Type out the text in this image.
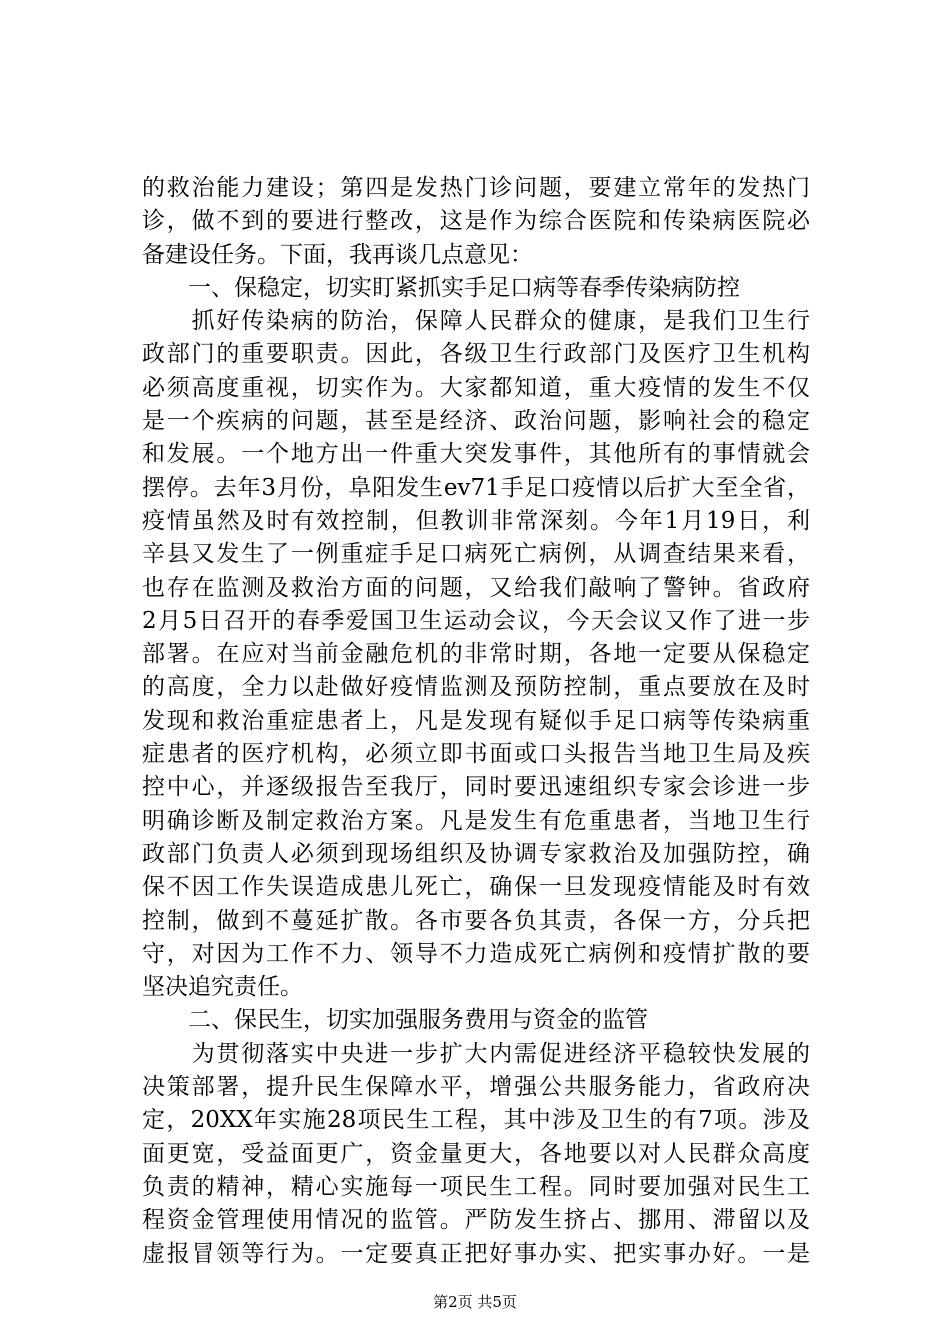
的救治能力建设；第四是发热门诊问题，要建立常年的发热门
诊，做不到的要进行整改，这是作为综合医院和传染病医院必
备建设任务。下面，我再谈几点意见：
　　一、保稳定，切实盯紧抓实手足口病等春季传染病防控
　　抓好传染病的防治，保障人民群众的健康，是我们卫生行
政部门的重要职责。因此，各级卫生行政部门及医疗卫生机构
必须高度重视，切实作为。大家都知道，重大疫情的发生不仅
是一个疾病的问题，甚至是经济、政治问题，影响社会的稳定
和发展。一个地方出一件重大突发事件，其他所有的事情就会
摆停。去年3月份，阜阳发生ev71手足口疫情以后扩大至全省，
疫情虽然及时有效控制，但教训非常深刻。今年1月19日，利
辛县又发生了一例重症手足口病死亡病例，从调查结果来看，
也存在监测及救治方面的问题，又给我们敲响了警钟。省政府
2月5日召开的春季爱国卫生运动会议，今天会议又作了进一步
部署。在应对当前金融危机的非常时期，各地一定要从保稳定
的高度，全力以赴做好疫情监测及预防控制，重点要放在及时
发现和救治重症患者上，凡是发现有疑似手足口病等传染病重
症患者的医疗机构，必须立即书面或口头报告当地卫生局及疾
控中心，并逐级报告至我厅，同时要迅速组织专家会诊进一步
明确诊断及制定救治方案。凡是发生有危重患者，当地卫生行
政部门负责人必须到现场组织及协调专家救治及加强防控，确
保不因工作失误造成患儿死亡，确保一旦发现疫情能及时有效
控制，做到不蔓延扩散。各市要各负其责，各保一方，分兵把
守，对因为工作不力、领导不力造成死亡病例和疫情扩散的要
坚决追究责任。
　　二、保民生，切实加强服务费用与资金的监管
　　为贯彻落实中央进一步扩大内需促进经济平稳较快发展的
决策部署，提升民生保障水平，增强公共服务能力，省政府决
定，20XX年实施28项民生工程，其中涉及卫生的有7项。涉及
面更宽，受益面更广，资金量更大，各地要以对人民群众高度
负责的精神，精心实施每一项民生工程。同时要加强对民生工
程资金管理使用情况的监管。严防发生挤占、挪用、滞留以及
虚报冒领等行为。一定要真正把好事办实、把实事办好。一是
第2页 共5页
